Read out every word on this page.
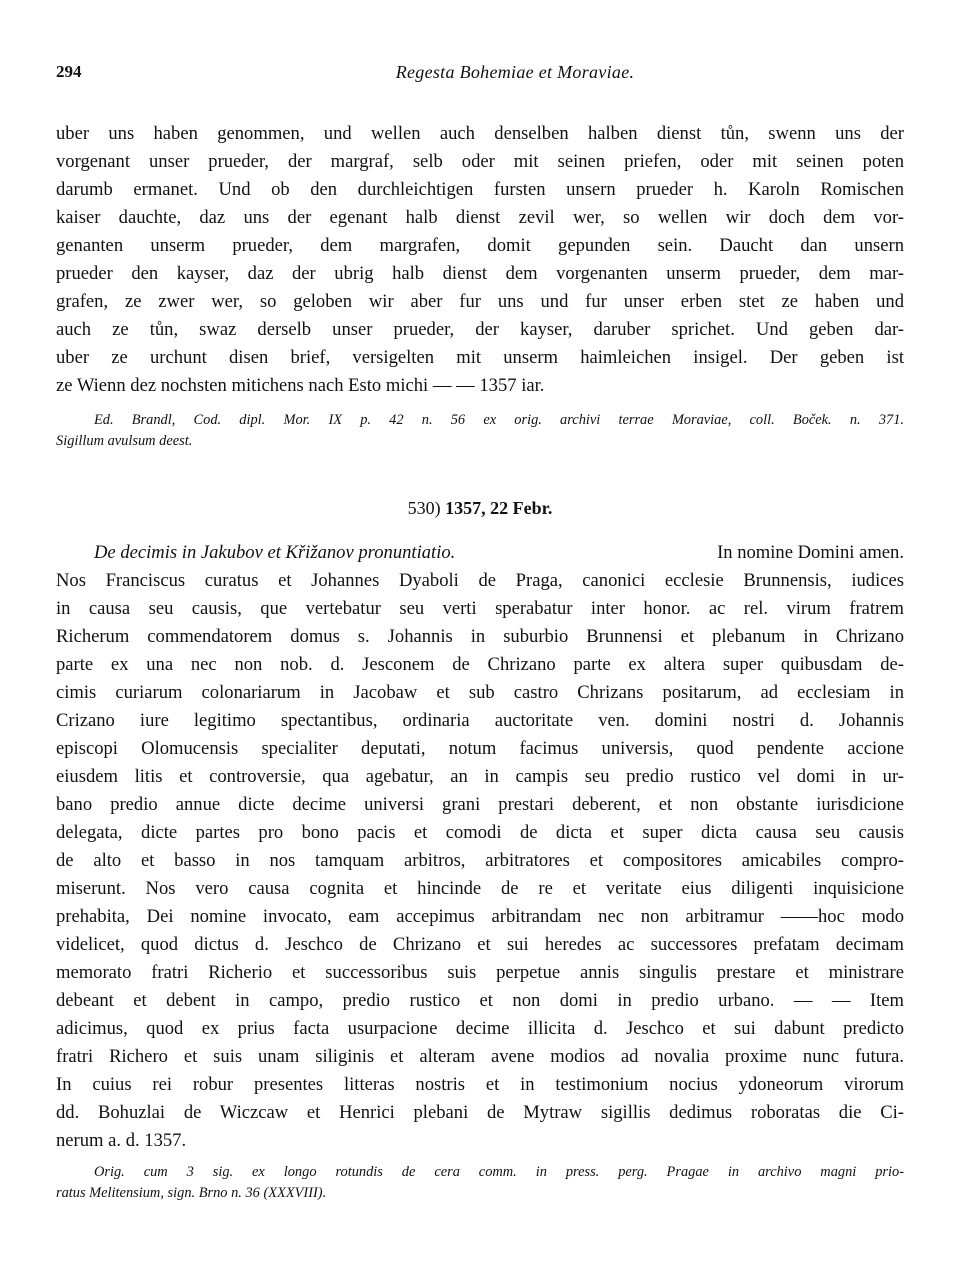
294	Regesta Bohemiae et Moraviae.
uber uns haben genommen, und wellen auch denselben halben dienst tůn, swenn uns der
vorgenant unser prueder, der margraf, selb oder mit seinen priefen, oder mit seinen poten
darumb ermanet. Und ob den durchleichtigen fursten unsern prueder h. Karoln Romischen
kaiser dauchte, daz uns der egenant halb dienst zevil wer, so wellen wir doch dem vor-
genanten unserm prueder, dem margrafen, domit gepunden sein. Daucht dan unsern
prueder den kayser, daz der ubrig halb dienst dem vorgenanten unserm prueder, dem mar-
grafen, ze zwer wer, so geloben wir aber fur uns und fur unser erben stet ze haben und
auch ze tůn, swaz derselb unser prueder, der kayser, daruber sprichet. Und geben dar-
uber ze urchunt disen brief, versigelten mit unserm haimleichen insigel. Der geben ist
ze Wienn dez nochsten mitichens nach Esto michi — — 1357 iar.
Ed. Brandl, Cod. dipl. Mor. IX p. 42 n. 56 ex orig. archivi terrae Moraviae, coll. Boček. n. 371.
Sigillum avulsum deest.
530) 1357, 22 Febr.
De decimis in Jakubov et Křižanov pronuntiatio.	In nomine Domini amen.
Nos Franciscus curatus et Johannes Dyaboli de Praga, canonici ecclesie Brunnensis, iudices
in causa seu causis, que vertebatur seu verti sperabatur inter honor. ac rel. virum fratrem
Richerum commendatorem domus s. Johannis in suburbio Brunnensi et plebanum in Chrizano
parte ex una nec non nob. d. Jesconem de Chrizano parte ex altera super quibusdam de-
cimis curiarum colonariarum in Jacobaw et sub castro Chrizans positarum, ad ecclesiam in
Crizano iure legitimo spectantibus, ordinaria auctoritate ven. domini nostri d. Johannis
episcopi Olomucensis specialiter deputati, notum facimus universis, quod pendente accione
eiusdem litis et controversie, qua agebatur, an in campis seu predio rustico vel domi in ur-
bano predio annue dicte decime universi grani prestari deberent, et non obstante iurisdicione
delegata, dicte partes pro bono pacis et comodi de dicta et super dicta causa seu causis
de alto et basso in nos tamquam arbitros, arbitratores et compositores amicabiles compro-
miserunt. Nos vero causa cognita et hincinde de re et veritate eius diligenti inquisicione
prehabita, Dei nomine invocato, eam accepimus arbitrandam nec non arbitramur ——hoc modo
videlicet, quod dictus d. Jeschco de Chrizano et sui heredes ac successores prefatam decimam
memorato fratri Richerio et successoribus suis perpetue annis singulis prestare et ministrare
debeant et debent in campo, predio rustico et non domi in predio urbano. — — Item
adicimus, quod ex prius facta usurpacione decime illicita d. Jeschco et sui dabunt predicto
fratri Richero et suis unam siliginis et alteram avene modios ad novalia proxime nunc futura.
In cuius rei robur presentes litteras nostris et in testimonium nocius ydoneorum virorum
dd. Bohuzlai de Wiczcaw et Henrici plebani de Mytraw sigillis dedimus roboratas die Ci-
nerum a. d. 1357.
Orig. cum 3 sig. ex longo rotundis de cera comm. in press. perg. Pragae in archivo magni prio-
ratus Melitensium, sign. Brno n. 36 (XXXVIII).
